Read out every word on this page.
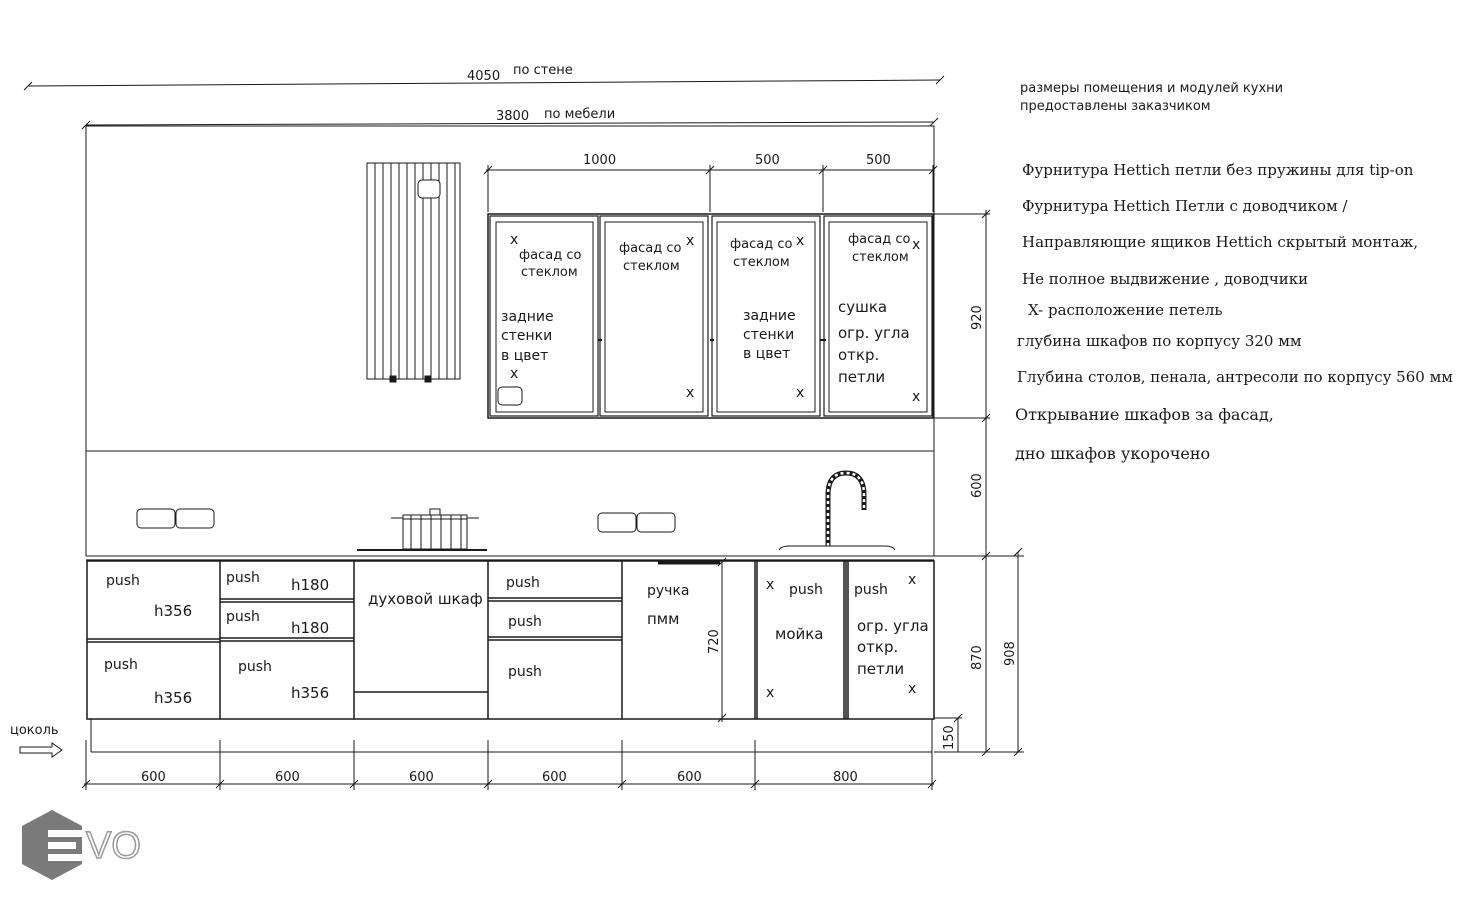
4050 по стене
3800 по мебели
1000	500	500
x
фасад со
стеклом
задние
стенки
в цвет
x
фасад со
стеклом
x
x
фасад со
стеклом
x
задние
стенки
в цвет
x
фасад со
стеклом
x
сушка
огр. угла
откр.
петли
x
920
600
870 908
150
720
цоколь
600	600	600	600	600	800
push
h356
push
h356
push h180
push
h180
push
h356
духовой шкаф
push
push
push
ручка
пмм
x push
мойка
x
push
x
огр. угла
откр.
петли
x

размеры помещения и модулей кухни

предоставлены заказчиком

Фурнитура Hettich петли без пружины для tip-on
Фурнитура Hettich Петли с доводчиком /
Направляющие ящиков Hettich скрытый монтаж,
Не полное выдвижение , доводчики
X- расположение петель
глубина шкафов по корпусу 320 мм
Глубина столов, пенала, антресоли по корпусу 560 мм
Открывание шкафов за фасад,
дно шкафов укорочено
VO
